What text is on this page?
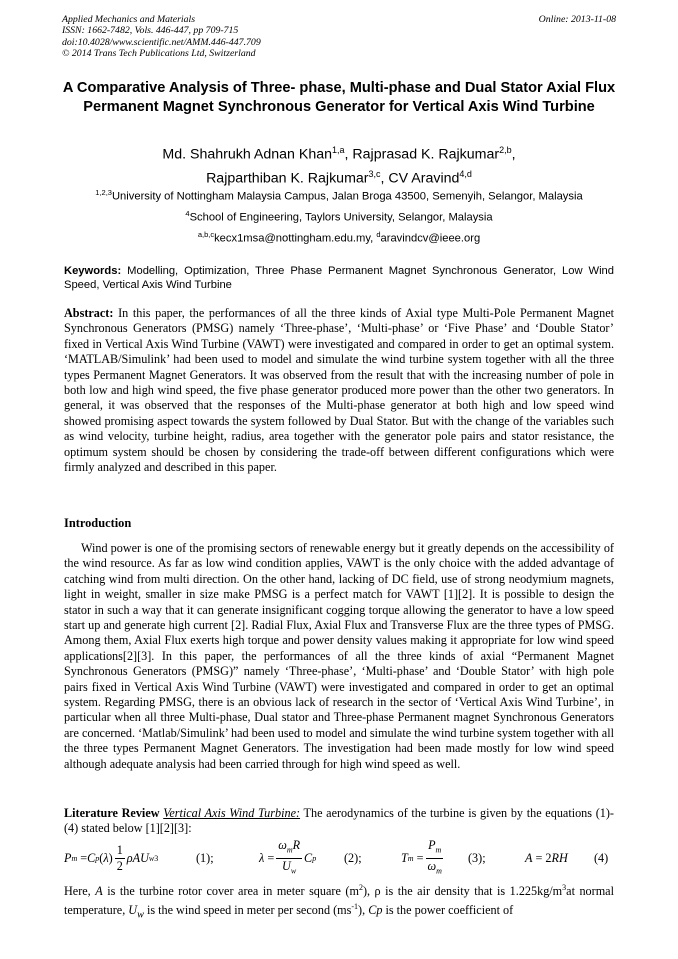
Applied Mechanics and Materials
ISSN: 1662-7482, Vols. 446-447, pp 709-715
doi:10.4028/www.scientific.net/AMM.446-447.709
© 2014 Trans Tech Publications Ltd, Switzerland
Online: 2013-11-08
A Comparative Analysis of Three- phase, Multi-phase and Dual Stator Axial Flux Permanent Magnet Synchronous Generator for Vertical Axis Wind Turbine
Md. Shahrukh Adnan Khan$^{1,a}$, Rajprasad K. Rajkumar$^{2,b}$,
Rajparthiban K. Rajkumar$^{3,c}$, CV Aravind$^{4,d}$
$^{1,2,3}$University of Nottingham Malaysia Campus, Jalan Broga 43500, Semenyih, Selangor, Malaysia
$^4$School of Engineering, Taylors University, Selangor, Malaysia
$^{a,b,c}$kecx1msa@nottingham.edu.my, $^d$aravindcv@ieee.org
Keywords: Modelling, Optimization, Three Phase Permanent Magnet Synchronous Generator, Low Wind Speed, Vertical Axis Wind Turbine
Abstract: In this paper, the performances of all the three kinds of Axial type Multi-Pole Permanent Magnet Synchronous Generators (PMSG) namely ‘Three-phase’, ‘Multi-phase’ or ‘Five Phase’ and ‘Double Stator’ fixed in Vertical Axis Wind Turbine (VAWT) were investigated and compared in order to get an optimal system. ‘MATLAB/Simulink’ had been used to model and simulate the wind turbine system together with all the three types Permanent Magnet Generators. It was observed from the result that with the increasing number of pole in both low and high wind speed, the five phase generator produced more power than the other two generators. In general, it was observed that the responses of the Multi-phase generator at both high and low speed wind showed promising aspect towards the system followed by Dual Stator. But with the change of the variables such as wind velocity, turbine height, radius, area together with the generator pole pairs and stator resistance, the optimum system should be chosen by considering the trade-off between different configurations which were firmly analyzed and described in this paper.
Introduction
Wind power is one of the promising sectors of renewable energy but it greatly depends on the accessibility of the wind resource. As far as low wind condition applies, VAWT is the only choice with the added advantage of catching wind from multi direction. On the other hand, lacking of DC field, use of strong neodymium magnets, light in weight, smaller in size make PMSG is a perfect match for VAWT [1][2]. It is possible to design the stator in such a way that it can generate insignificant cogging torque allowing the generator to have a low speed start up and generate high current [2]. Radial Flux, Axial Flux and Transverse Flux are the three types of PMSG. Among them, Axial Flux exerts high torque and power density values making it appropriate for low wind speed applications[2][3]. In this paper, the performances of all the three kinds of axial “Permanent Magnet Synchronous Generators (PMSG)” namely ‘Three-phase’, ‘Multi-phase’ and ‘Double Stator’ with high pole pairs fixed in Vertical Axis Wind Turbine (VAWT) were investigated and compared in order to get an optimal system. Regarding PMSG, there is an obvious lack of research in the sector of ‘Vertical Axis Wind Turbine’, in particular when all three Multi-phase, Dual stator and Three-phase Permanent magnet Synchronous Generators are concerned. ‘Matlab/Simulink’ had been used to model and simulate the wind turbine system together with all the three types Permanent Magnet Generators. The investigation had been made mostly for low wind speed although adequate analysis had been carried through for high wind speed as well.
Literature Review Vertical Axis Wind Turbine: The aerodynamics of the turbine is given by the equations (1)-(4) stated below [1][2][3]:
P m = C p ( λ ) $\frac{1}{2}$ ρAU w 3	(1);	$\lambda = \frac{\omega_mR}{U_w}$ C p (2);	T $m = \frac{P_m}{\omega_m} (3)$;	A = 2 RH (4)
Here, A is the turbine rotor cover area in meter square $(m^2)$, ρ is the air density that is $1.225kg/m^3at$ normal temperature, $U_w$ is the wind speed in meter per second $(ms^{-1})$, Cp is the power coefficient of
